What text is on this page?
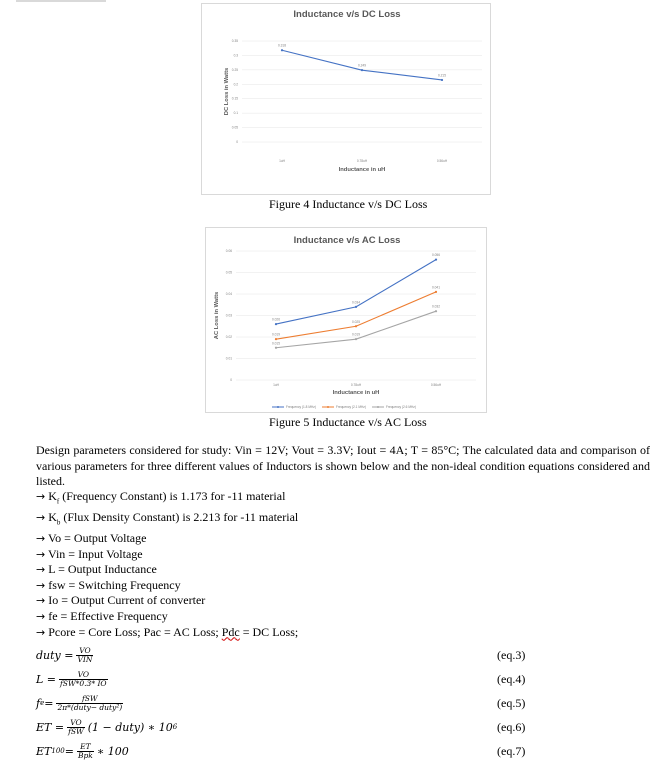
Inductance v/s DC Loss
0.35
0.3
0.25
0.2
0.15
0.1
0.05
0
1uH	0.78uH	0.56uH
Inductance in uH
DC Loss in Watts
0.318
0.249
0.215
Figure 4 Inductance v/s DC Loss
Inductance v/s AC Loss
0.06
0.05
0.04
0.03
0.02
0.01
0
1uH	0.78uH	0.56uH
Inductance in uH
AC Loss in Watts	0.026
0.034
0.056
0.019
0.025
0.041
0.015
0.019
0.032
Frequency (1.8 MHz)	Frequency (2.1 MHz)	Frequency (2.6 MHz)
Figure 5 Inductance v/s AC Loss
Design parameters considered for study: Vin = 12V; Vout = 3.3V; Iout = 4A; T = 85°C; The calculated data and comparison of various parameters for three different values of Inductors is shown below and the non-ideal condition equations considered and listed.
→ $K_f$ (Frequency Constant) is 1.173 for -11 material
→ $K_b$ (Flux Density Constant) is 2.213 for -11 material
→ Vo = Output Voltage
→ Vin = Input Voltage
→ L = Output Inductance
→ fsw = Switching Frequency
→ Io = Output Current of converter
→ fe = Effective Frequency
→ Pcore = Core Loss; Pac = AC Loss; Pdc = DC Loss;
duty = $\frac{VO}{\text{VIN}}$	(eq.3)
$L = \frac{VO}{\text{fSW*0.3* IO}}$	(eq.4)
f $e = \frac{\text{fSW}}{\text{2π*(duty− duty²)}}$	(eq.5)
ET = $\frac{VO}{\text{fSW}} (1$ − duty) ∗ 10 6	(eq.6)
ET $100 = \frac{ET}{\text{Bpk}}$ ∗ 100	(eq.7)
